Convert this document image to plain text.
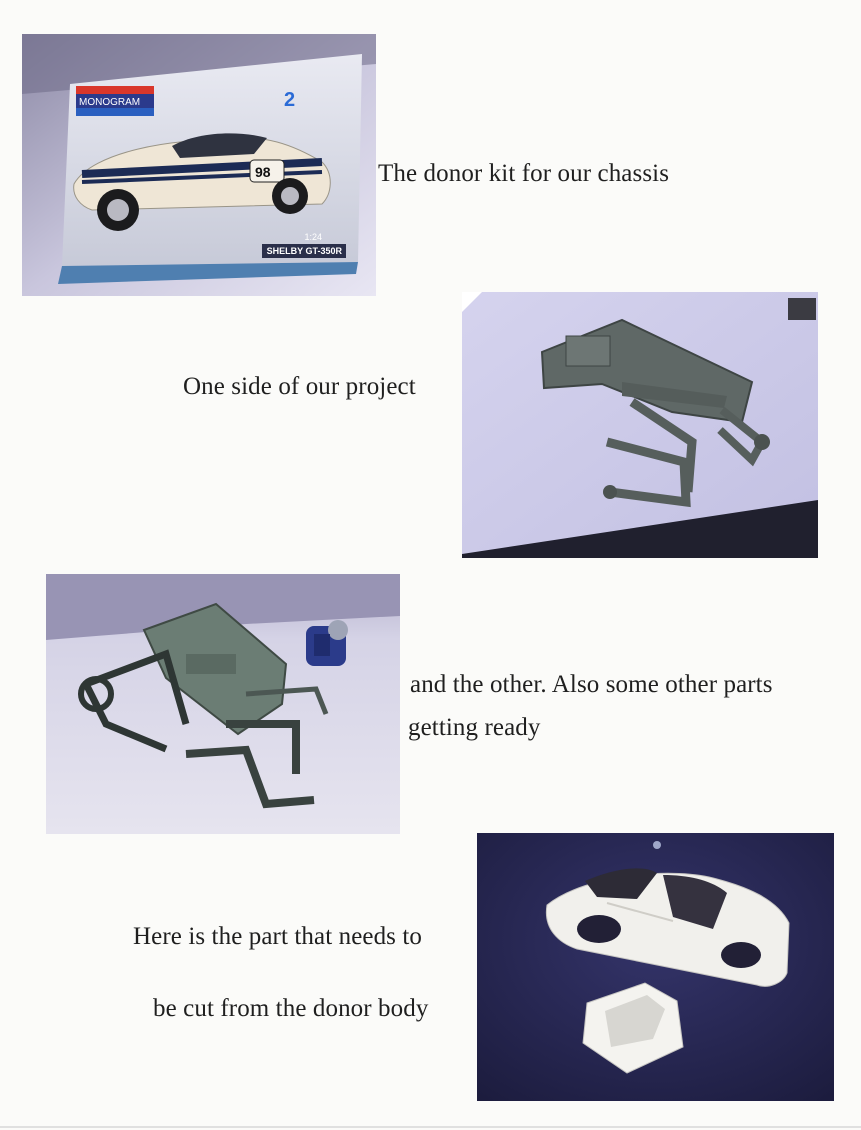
MONOGRAM	2
98
1:24
SHELBY GT-350R
The donor kit for our chassis
One side of our project
and the other. Also some other parts
getting ready
Here is the part that needs to
be cut from the donor body
